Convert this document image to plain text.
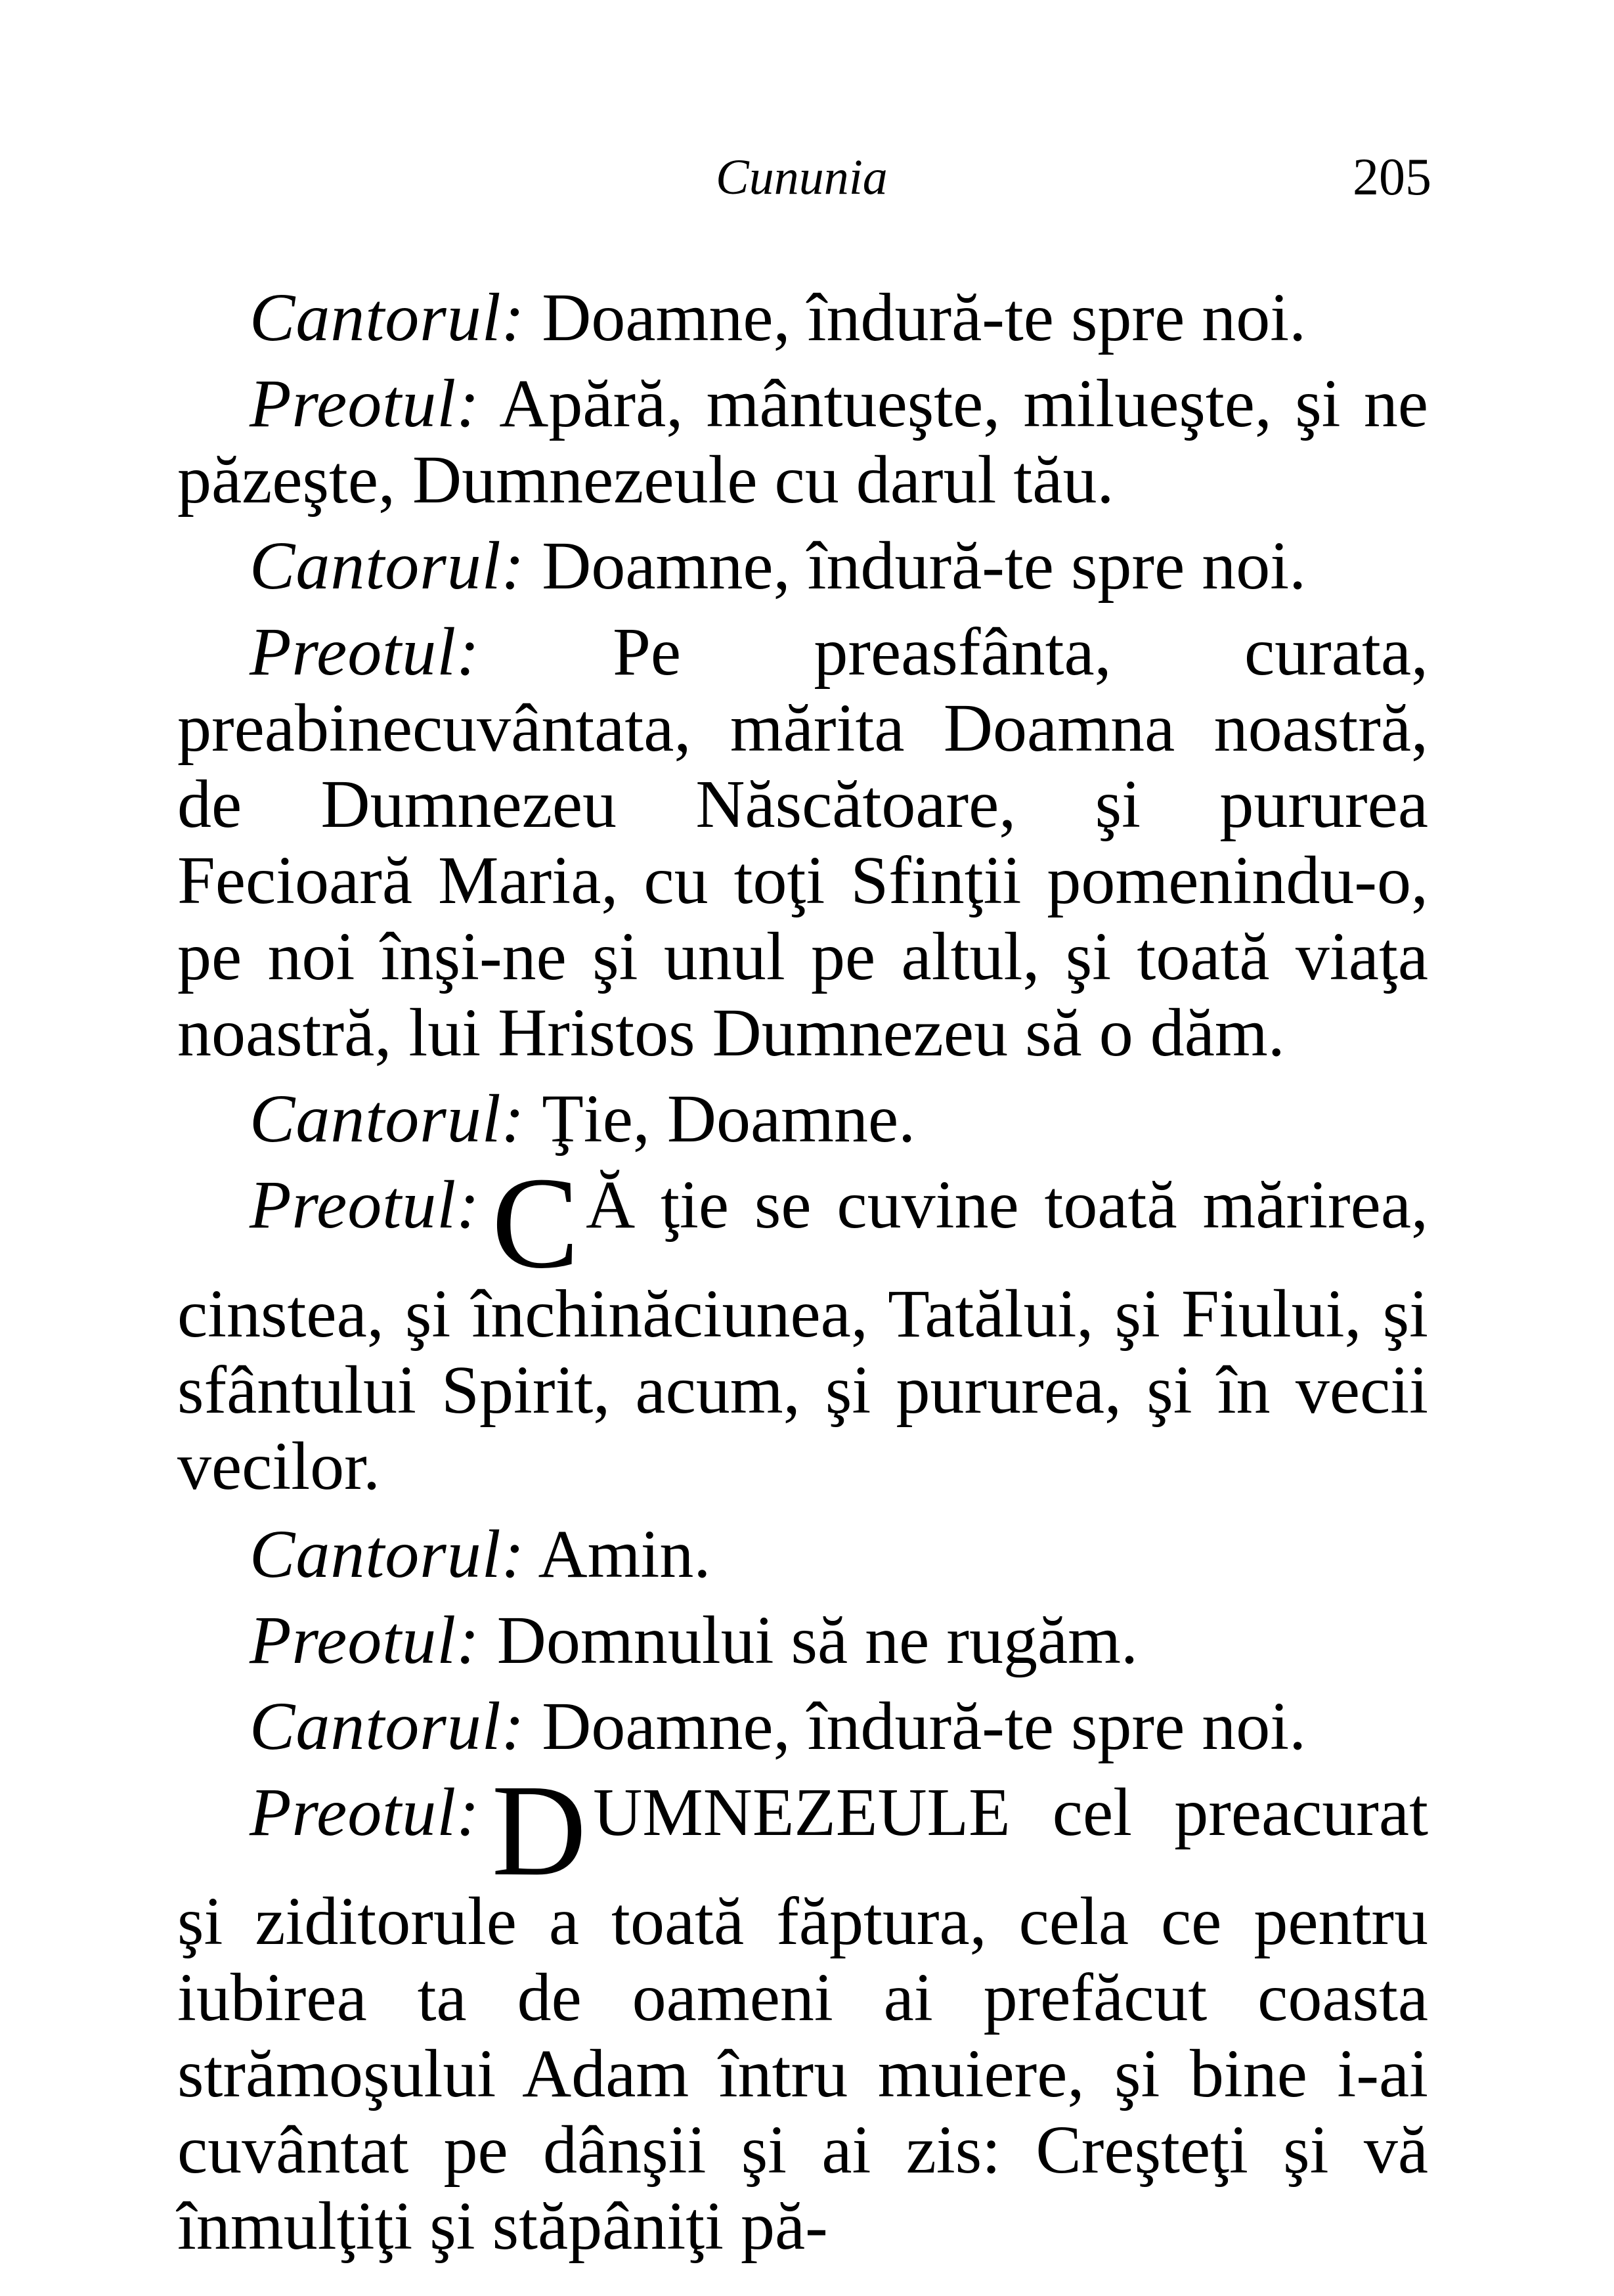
Cununia	205

Cantorul: Doamne, îndură-te spre noi.

Preotul: Apără, mântueşte, milueşte, şi ne păzeşte, Dumnezeule cu darul tău.

Cantorul: Doamne, îndură-te spre noi.

Preotul: Pe preasfânta, curata, preabinecuvântata, mărita Doamna noastră, de Dumnezeu Născătoare, şi pururea Fecioară Maria, cu toţi Sfinţii pomenindu-o, pe noi înşi-ne şi unul pe altul, şi toată viaţa noastră, lui Hristos Dumnezeu să o dăm.

Cantorul: Ţie, Doamne.

Preotul:CĂ ţie se cuvine toată mărirea, cinstea, şi închinăciunea, Tatălui, şi Fiului, şi sfântului Spirit, acum, şi pururea, şi în vecii vecilor.

Cantorul: Amin.

Preotul: Domnului să ne rugăm.

Cantorul: Doamne, îndură-te spre noi.

Preotul:DUMNEZEULE cel preacurat şi ziditorule a toată făptura, cela ce pentru iubirea ta de oameni ai prefăcut coasta strămoşului Adam întru muiere, şi bine i-ai cuvântat pe dânşii şi ai zis: Creşteţi şi vă înmulţiţi şi stăpâniţi pă-
